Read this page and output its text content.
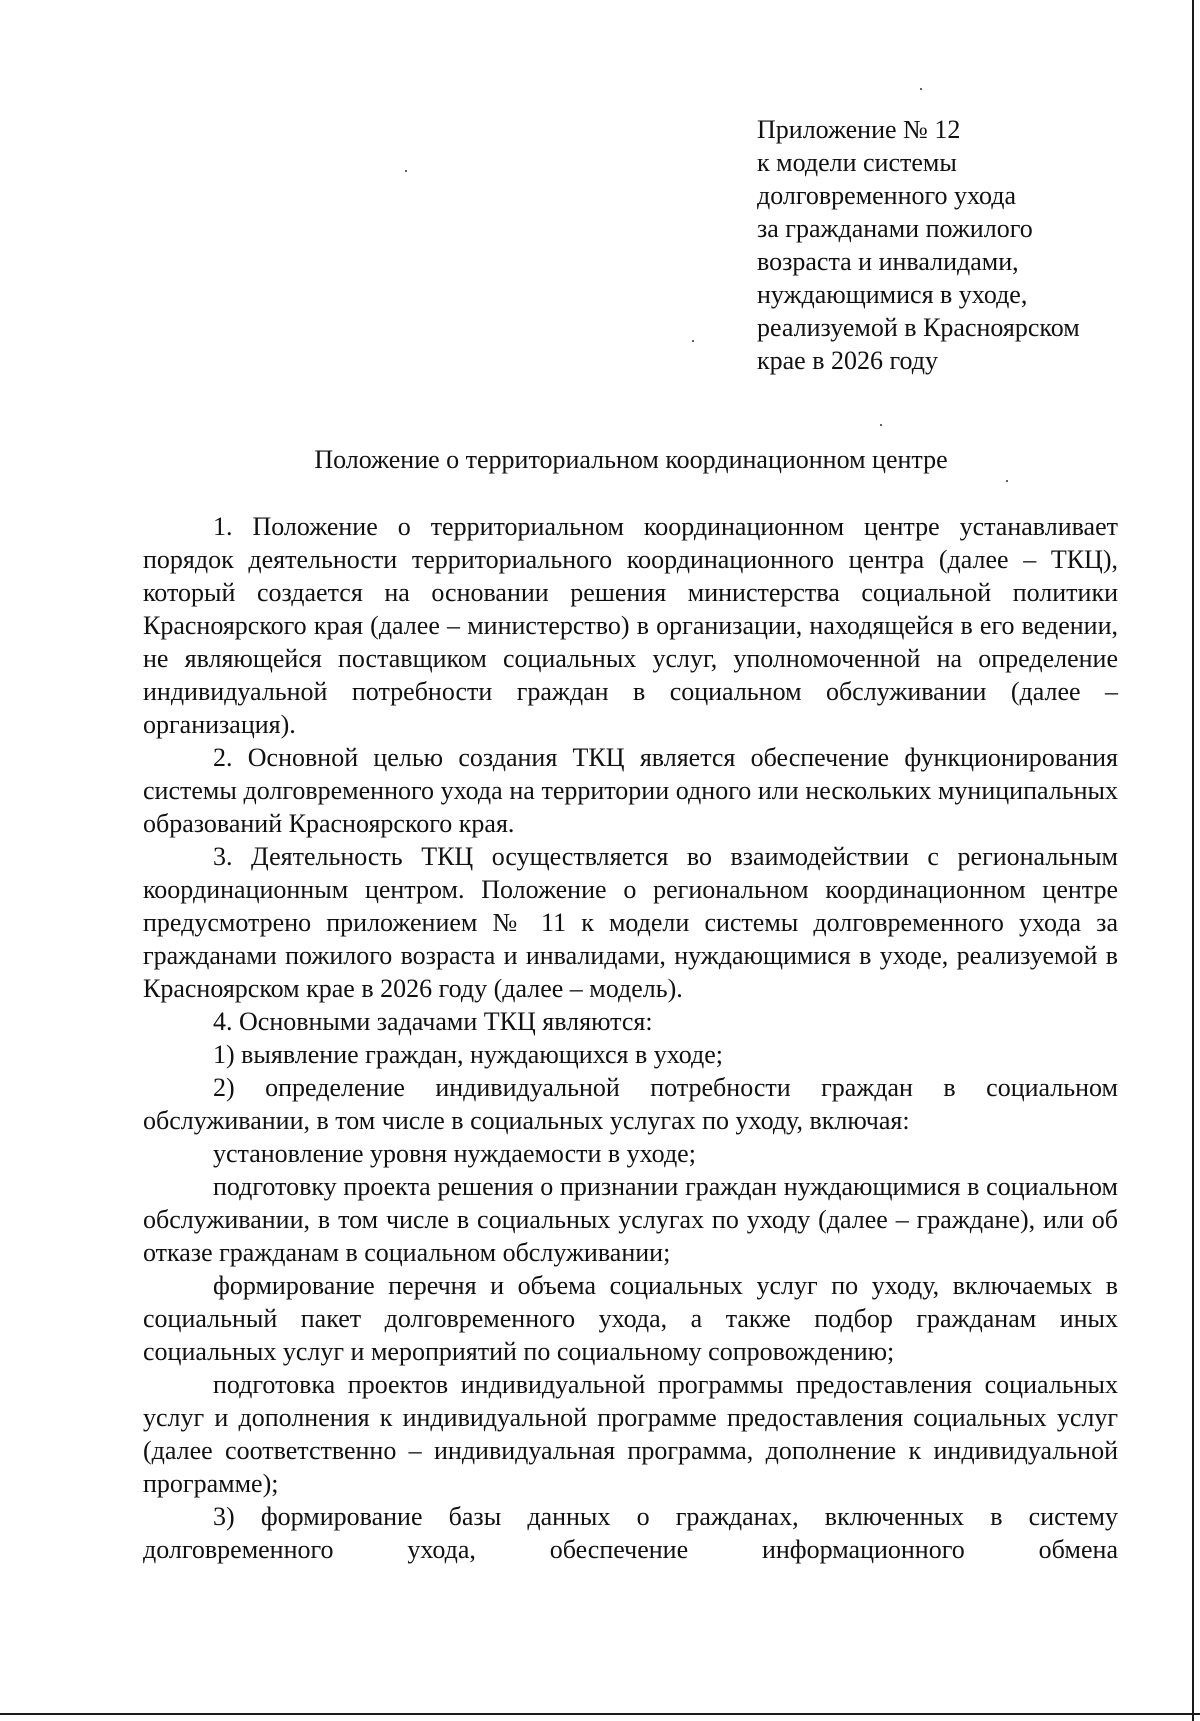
Приложение № 12
к модели системы
долговременного ухода
за гражданами пожилого
возраста и инвалидами,
нуждающимися в уходе,
реализуемой в Красноярском
крае в 2026 году
Положение о территориальном координационном центре

1. Положение о территориальном координационном центре устанавливает порядок деятельности территориального координационного центра (далее – ТКЦ), который создается на основании решения министерства социальной политики Красноярского края (далее – министерство) в организации, находящейся в его ведении, не являющейся поставщиком социальных услуг, уполномоченной на определение индивидуальной потребности граждан в социальном обслуживании (далее – организация).

2. Основной целью создания ТКЦ является обеспечение функционирования системы долговременного ухода на территории одного или нескольких муниципальных образований Красноярского края.

3. Деятельность ТКЦ осуществляется во взаимодействии с региональным координационным центром. Положение о региональном координационном центре предусмотрено приложением № 11 к модели системы долговременного ухода за гражданами пожилого возраста и инвалидами, нуждающимися в уходе, реализуемой в Красноярском крае в 2026 году (далее – модель).

4. Основными задачами ТКЦ являются:

1) выявление граждан, нуждающихся в уходе;

2) определение индивидуальной потребности граждан в социальном обслуживании, в том числе в социальных услугах по уходу, включая:

установление уровня нуждаемости в уходе;

подготовку проекта решения о признании граждан нуждающимися в социальном обслуживании, в том числе в социальных услугах по уходу (далее – граждане), или об отказе гражданам в социальном обслуживании;

формирование перечня и объема социальных услуг по уходу, включаемых в социальный пакет долговременного ухода, а также подбор гражданам иных социальных услуг и мероприятий по социальному сопровождению;

подготовка проектов индивидуальной программы предоставления социальных услуг и дополнения к индивидуальной программе предоставления социальных услуг (далее соответственно – индивидуальная программа, дополнение к индивидуальной программе);

3) формирование базы данных о гражданах, включенных в систему долговременного ухода, обеспечение информационного обмена
